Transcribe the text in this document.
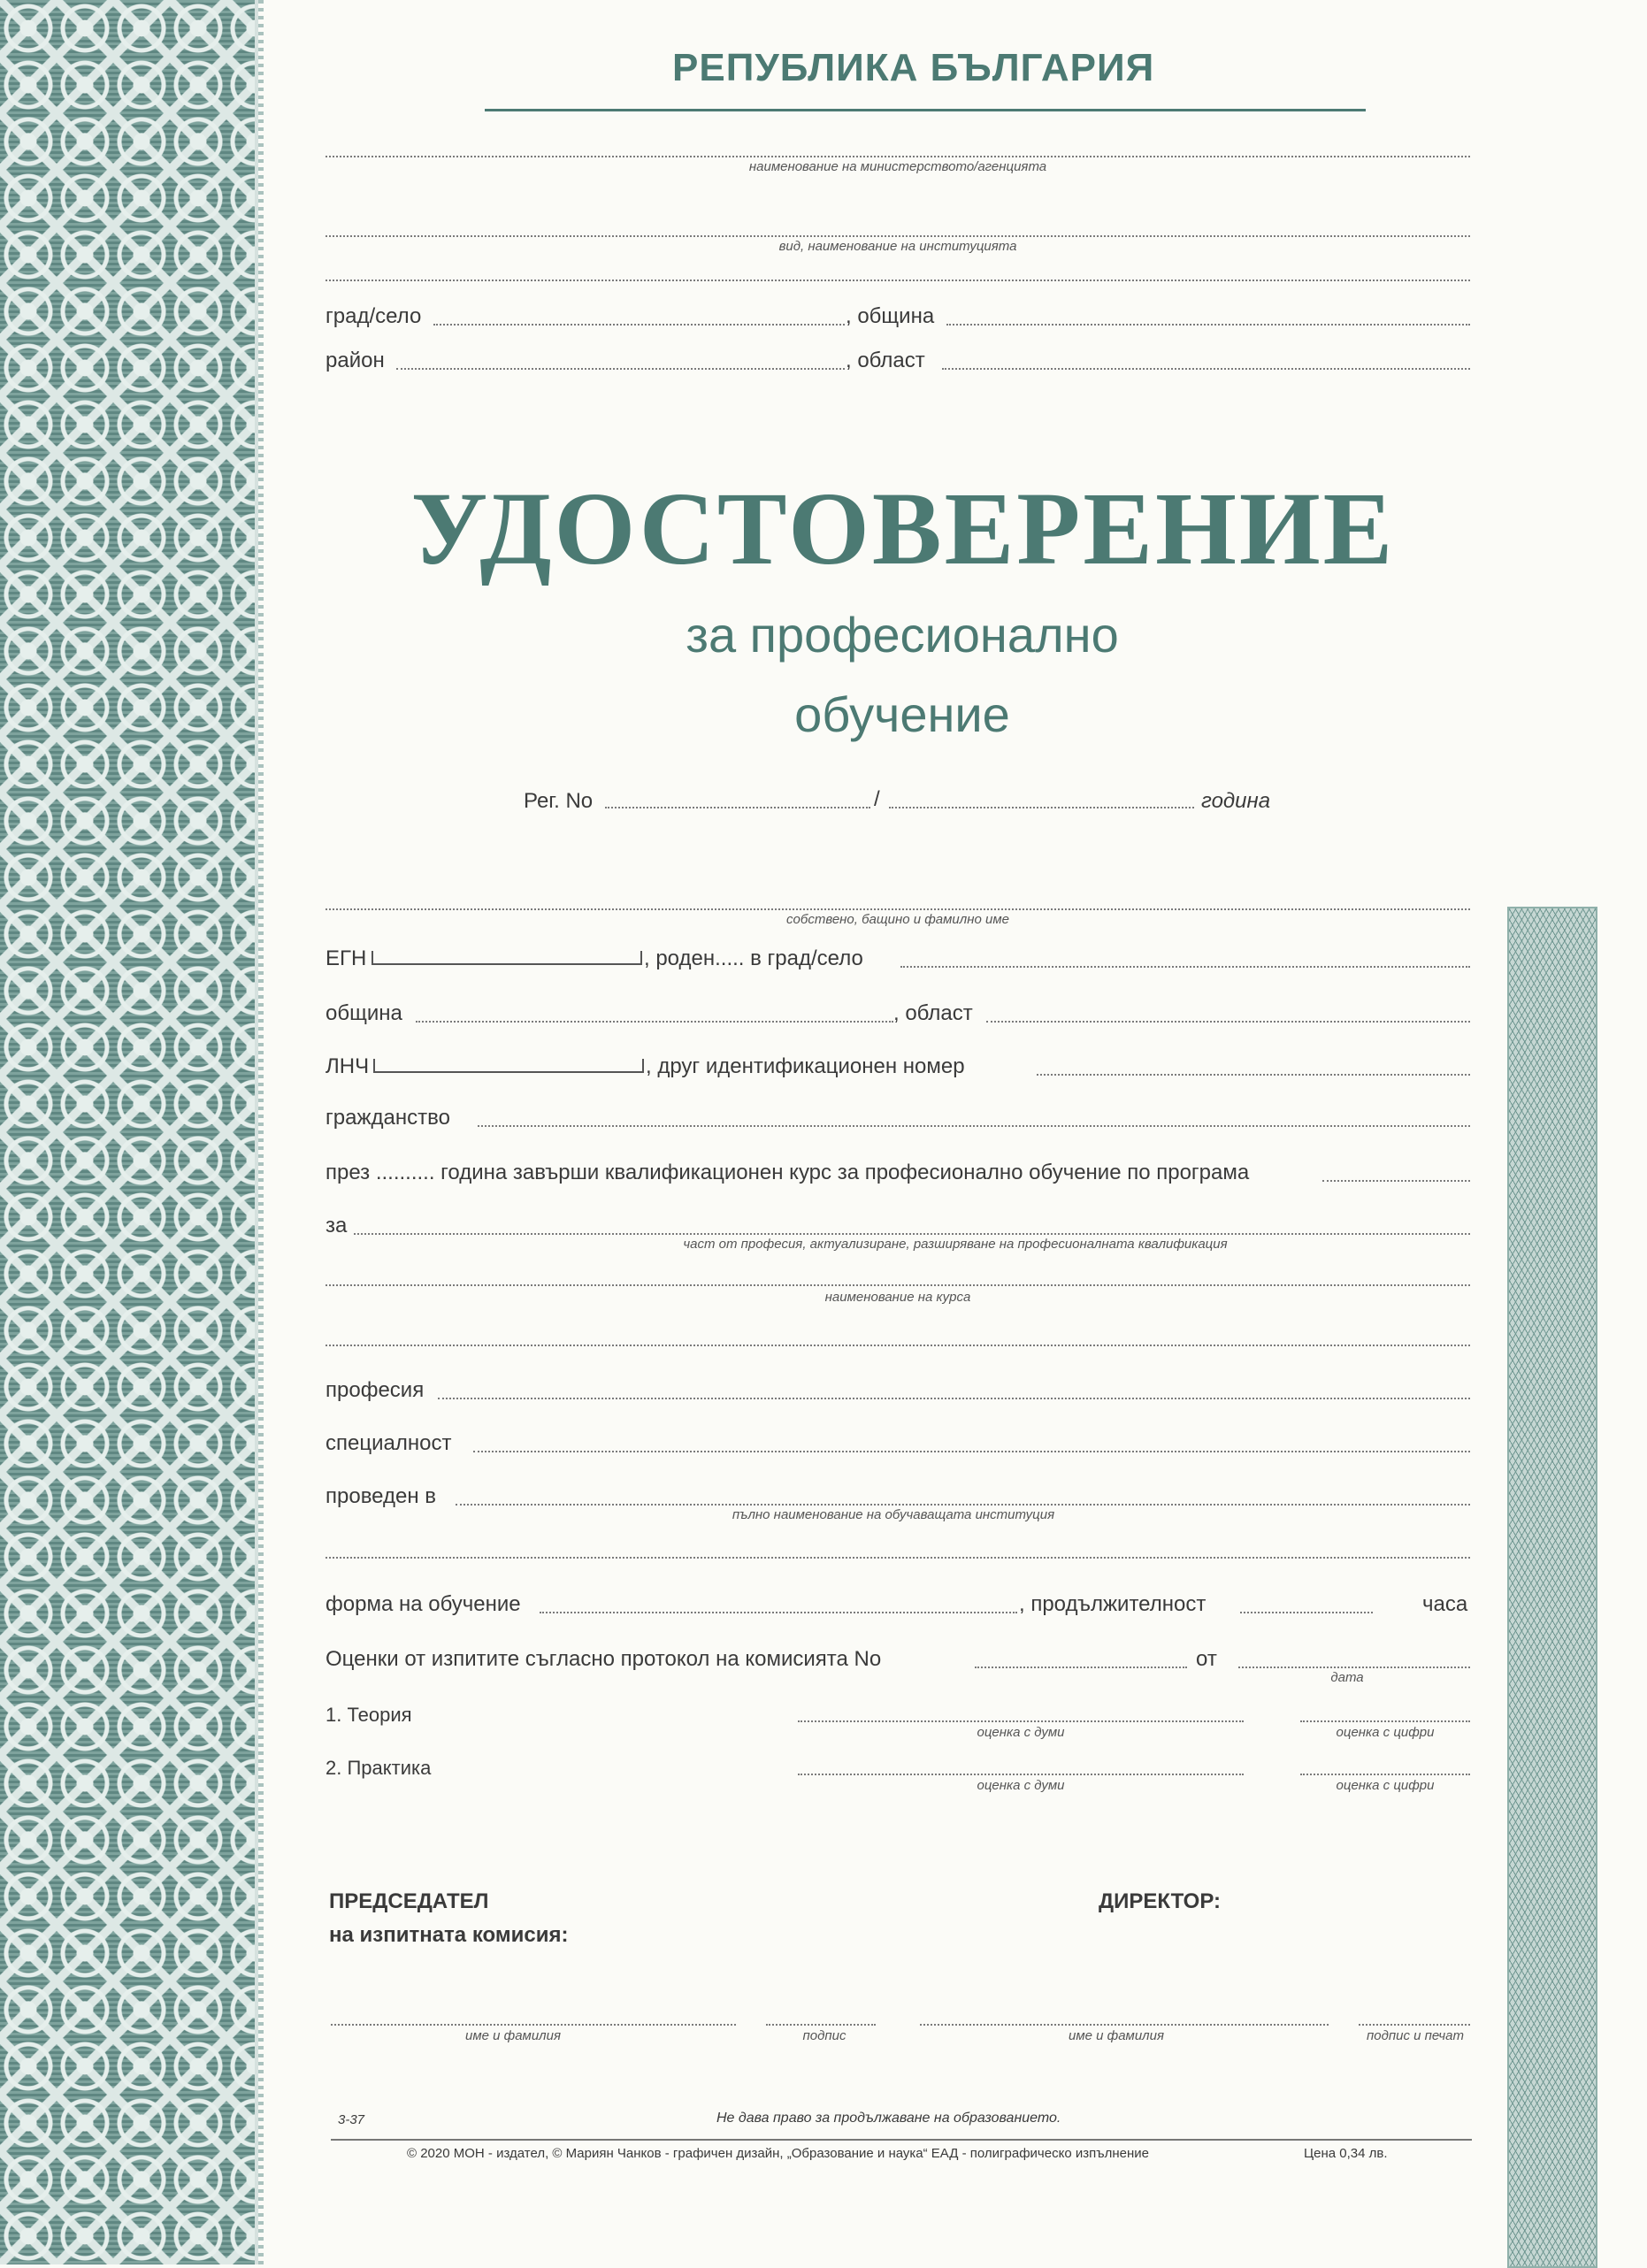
РЕПУБЛИКА БЪЛГАРИЯ
наименование на министерството/агенцията
вид, наименование на институцията
град/село	, община
район	, област
УДОСТОВЕРЕНИЕ
за професионално
обучение
Рег. No	/	година
собствено, бащино и фамилно име
ЕГН	, роден..... в град/село
община	, област
ЛНЧ	, друг идентификационен номер
гражданство
през .......... година завърши квалификационен курс за професионално обучение по програма
за
част от професия, актуализиране, разширяване на професионалната квалификация
наименование на курса
професия
специалност
проведен в
пълно наименование на обучаващата институция
форма на обучение	, продължителност	часа
Оценки от изпитите съгласно протокол на комисията No	от
дата
1. Теория
оценка с думи	оценка с цифри
2. Практика
оценка с думи	оценка с цифри
ПРЕДСЕДАТЕЛ
на изпитната комисия:
ДИРЕКТОР:
име и фамилия	подпис	име и фамилия	подпис и печат
3-37	Не дава право за продължаване на образованието.
© 2020 МОН - издател, © Мариян Чанков - графичен дизайн, „Образование и наука“ ЕАД - полиграфическо изпълнение	Цена 0,34 лв.
